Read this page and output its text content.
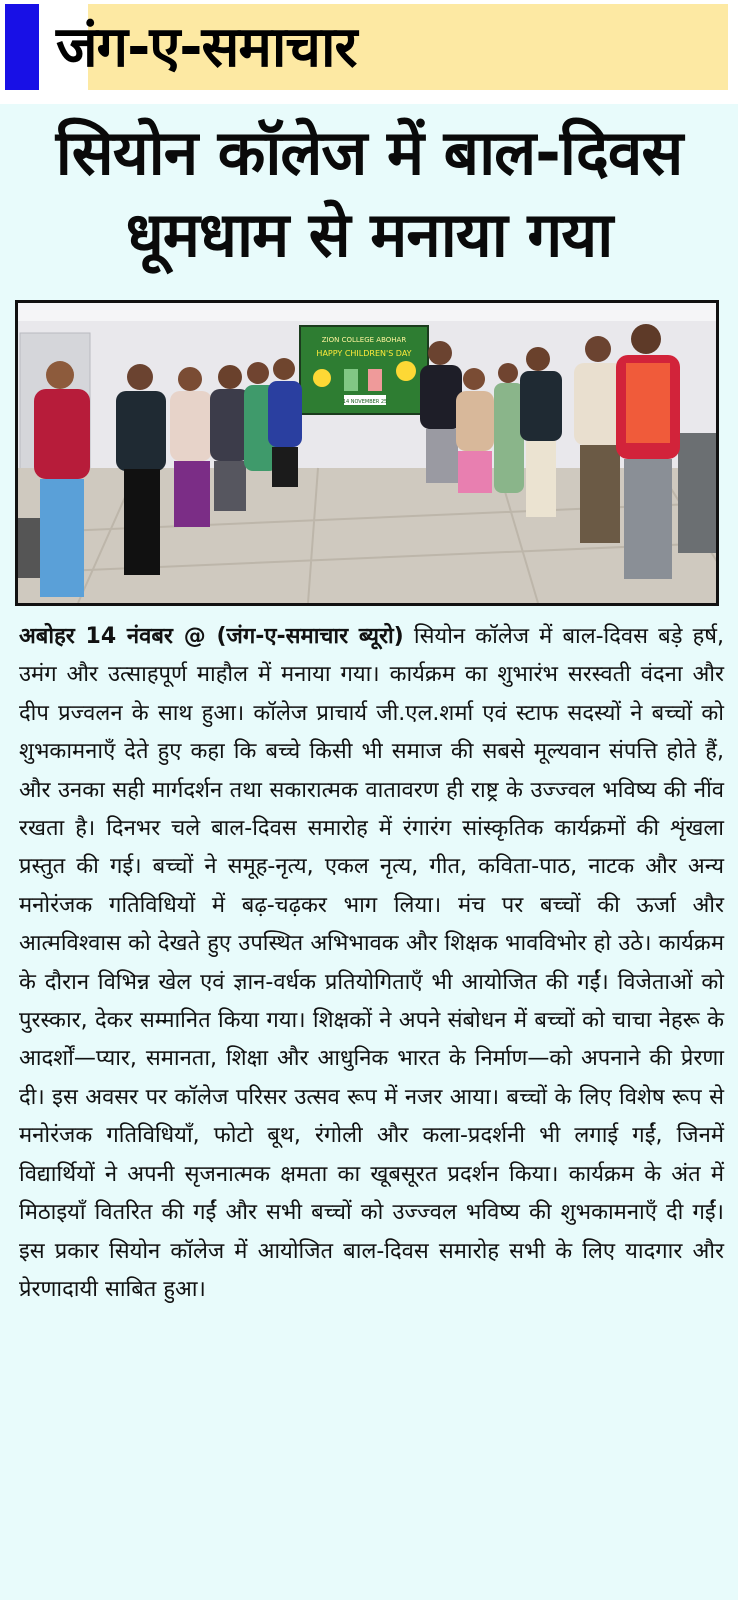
जंग-ए-समाचार
सियोन कॉलेज में बाल-दिवस
धूमधाम से मनाया गया
ZION COLLEGE ABOHAR
HAPPY CHILDREN'S DAY
14 NOVEMBER 25
अबोहर 14 नंवबर @ (जंग-ए-समाचार ब्यूरो) सियोन कॉलेज में बाल-दिवस बड़े हर्ष, उमंग और उत्साहपूर्ण माहौल में मनाया गया। कार्यक्रम का शुभारंभ सरस्वती वंदना और दीप प्रज्वलन के साथ हुआ। कॉलेज प्राचार्य जी.एल.शर्मा एवं स्टाफ सदस्यों ने बच्चों को शुभकामनाएँ देते हुए कहा कि बच्चे किसी भी समाज की सबसे मूल्यवान संपत्ति होते हैं, और उनका सही मार्गदर्शन तथा सकारात्मक वातावरण ही राष्ट्र के उज्ज्वल भविष्य की नींव रखता है। दिनभर चले बाल-दिवस समारोह में रंगारंग सांस्कृतिक कार्यक्रमों की शृंखला प्रस्तुत की गई। बच्चों ने समूह-नृत्य, एकल नृत्य, गीत, कविता-पाठ, नाटक और अन्य मनोरंजक गतिविधियों में बढ़-चढ़कर भाग लिया। मंच पर बच्चों की ऊर्जा और आत्मविश्वास को देखते हुए उपस्थित अभिभावक और शिक्षक भावविभोर हो उठे। कार्यक्रम के दौरान विभिन्न खेल एवं ज्ञान-वर्धक प्रतियोगिताएँ भी आयोजित की गईं। विजेताओं को पुरस्कार, देकर सम्मानित किया गया। शिक्षकों ने अपने संबोधन में बच्चों को चाचा नेहरू के आदर्शों—प्यार, समानता, शिक्षा और आधुनिक भारत के निर्माण—को अपनाने की प्रेरणा दी। इस अवसर पर कॉलेज परिसर उत्सव रूप में नजर आया। बच्चों के लिए विशेष रूप से मनोरंजक गतिविधियाँ, फोटो बूथ, रंगोली और कला-प्रदर्शनी भी लगाई गईं, जिनमें विद्यार्थियों ने अपनी सृजनात्मक क्षमता का खूबसूरत प्रदर्शन किया। कार्यक्रम के अंत में मिठाइयाँ वितरित की गईं और सभी बच्चों को उज्ज्वल भविष्य की शुभकामनाएँ दी गईं। इस प्रकार सियोन कॉलेज में आयोजित बाल-दिवस समारोह सभी के लिए यादगार और प्रेरणादायी साबित हुआ।
